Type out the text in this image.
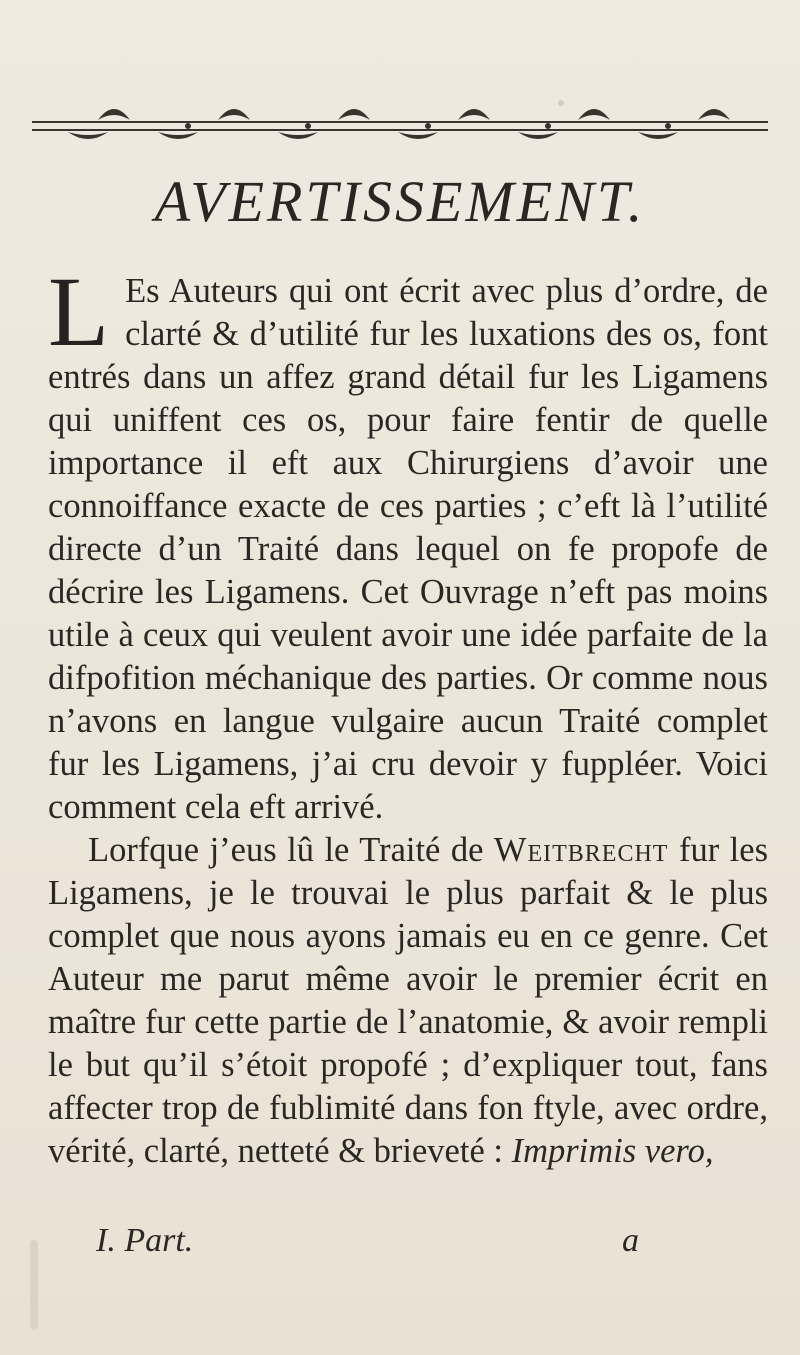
AVERTISSEMENT.

L Es Auteurs qui ont écrit avec plus d’ordre, de clarté & d’utilité fur les luxations des os, font entrés dans un affez grand détail fur les Ligamens qui uniffent ces os, pour faire fentir de quelle importance il eft aux Chirurgiens d’avoir une connoiffance exacte de ces parties ; c’eft là l’utilité directe d’un Traité dans lequel on fe propofe de décrire les Ligamens. Cet Ouvrage n’eft pas moins utile à ceux qui veulent avoir une idée parfaite de la difpofition méchanique des parties. Or comme nous n’avons en langue vulgaire aucun Traité complet fur les Ligamens, j’ai cru devoir y fuppléer. Voici comment cela eft arrivé.

Lorfque j’eus lû le Traité de Weitbrecht fur les Ligamens, je le trouvai le plus parfait & le plus complet que nous ayons jamais eu en ce genre. Cet Auteur me parut même avoir le premier écrit en maître fur cette partie de l’anatomie, & avoir rempli le but qu’il s’étoit propofé ; d’expliquer tout, fans affecter trop de fublimité dans fon ftyle, avec ordre, vérité, clarté, netteté & brieveté : Imprimis vero,

I. Part.	a
